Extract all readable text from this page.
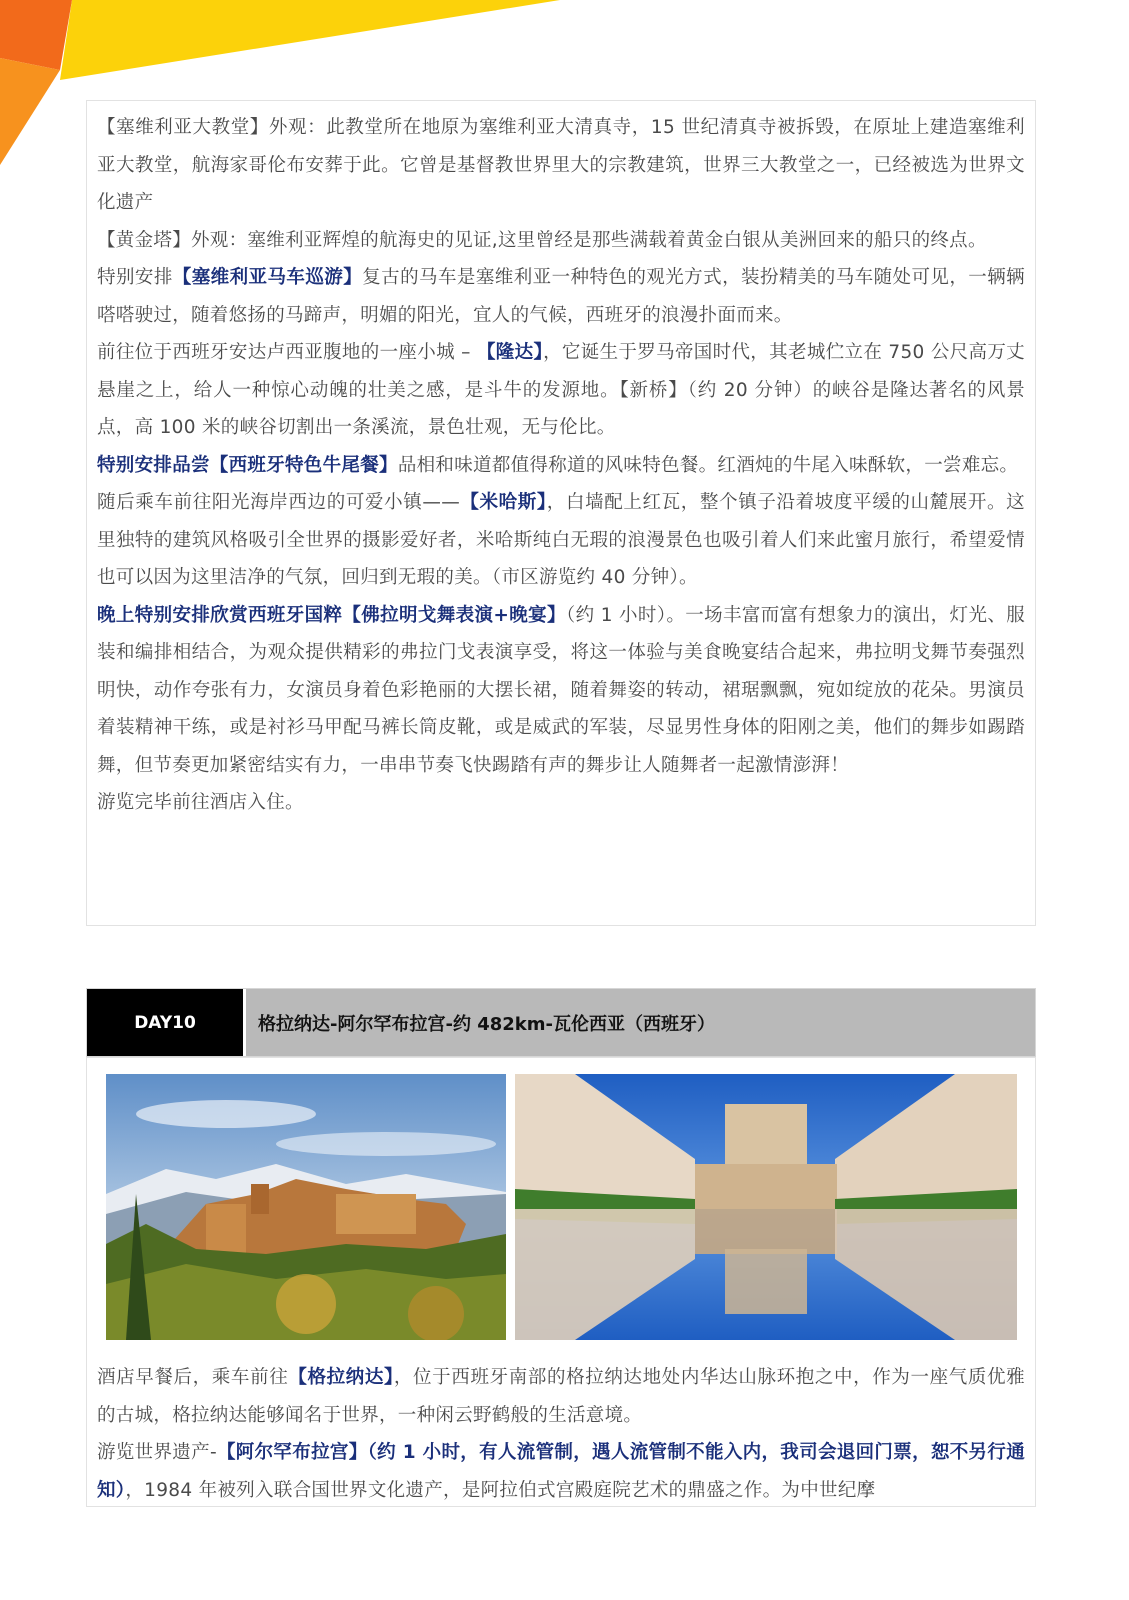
【塞维利亚大教堂】外观：此教堂所在地原为塞维利亚大清真寺，15 世纪清真寺被拆毁，在原址上建造塞维利亚大教堂，航海家哥伦布安葬于此。它曾是基督教世界里大的宗教建筑，世界三大教堂之一，已经被选为世界文化遗产

【黄金塔】外观：塞维利亚辉煌的航海史的见证,这里曾经是那些满载着黄金白银从美洲回来的船只的终点。

特别安排【塞维利亚马车巡游】复古的马车是塞维利亚一种特色的观光方式，装扮精美的马车随处可见，一辆辆嗒嗒驶过，随着悠扬的马蹄声，明媚的阳光，宜人的气候，西班牙的浪漫扑面而来。

前往位于西班牙安达卢西亚腹地的一座小城 – 【隆达】，它诞生于罗马帝国时代，其老城伫立在 750 公尺高万丈悬崖之上，给人一种惊心动魄的壮美之感，是斗牛的发源地。【新桥】（约 20 分钟）的峡谷是隆达著名的风景点，高 100 米的峡谷切割出一条溪流，景色壮观，无与伦比。

特别安排品尝【西班牙特色牛尾餐】品相和味道都值得称道的风味特色餐。红酒炖的牛尾入味酥软，一尝难忘。

随后乘车前往阳光海岸西边的可爱小镇——【米哈斯】，白墙配上红瓦，整个镇子沿着坡度平缓的山麓展开。这里独特的建筑风格吸引全世界的摄影爱好者，米哈斯纯白无瑕的浪漫景色也吸引着人们来此蜜月旅行，希望爱情也可以因为这里洁净的气氛，回归到无瑕的美。（市区游览约 40 分钟）。

晚上特别安排欣赏西班牙国粹【佛拉明戈舞表演+晚宴】（约 1 小时）。一场丰富而富有想象力的演出，灯光、服装和编排相结合，为观众提供精彩的弗拉门戈表演享受，将这一体验与美食晚宴结合起来，弗拉明戈舞节奏强烈明快，动作夸张有力，女演员身着色彩艳丽的大摆长裙，随着舞姿的转动，裙琚飘飘，宛如绽放的花朵。男演员着装精神干练，或是衬衫马甲配马裤长筒皮靴，或是威武的军装，尽显男性身体的阳刚之美，他们的舞步如踢踏舞，但节奏更加紧密结实有力，一串串节奏飞快踢踏有声的舞步让人随舞者一起激情澎湃！

游览完毕前往酒店入住。

DAY10	格拉纳达-阿尔罕布拉宫-约 482km-瓦伦西亚（西班牙）

酒店早餐后，乘车前往【格拉纳达】，位于西班牙南部的格拉纳达地处内华达山脉环抱之中，作为一座气质优雅的古城，格拉纳达能够闻名于世界，一种闲云野鹤般的生活意境。

游览世界遗产-【阿尔罕布拉宫】（约 1 小时，有人流管制，遇人流管制不能入内，我司会退回门票，恕不另行通知），1984 年被列入联合国世界文化遗产，是阿拉伯式宫殿庭院艺术的鼎盛之作。为中世纪摩
